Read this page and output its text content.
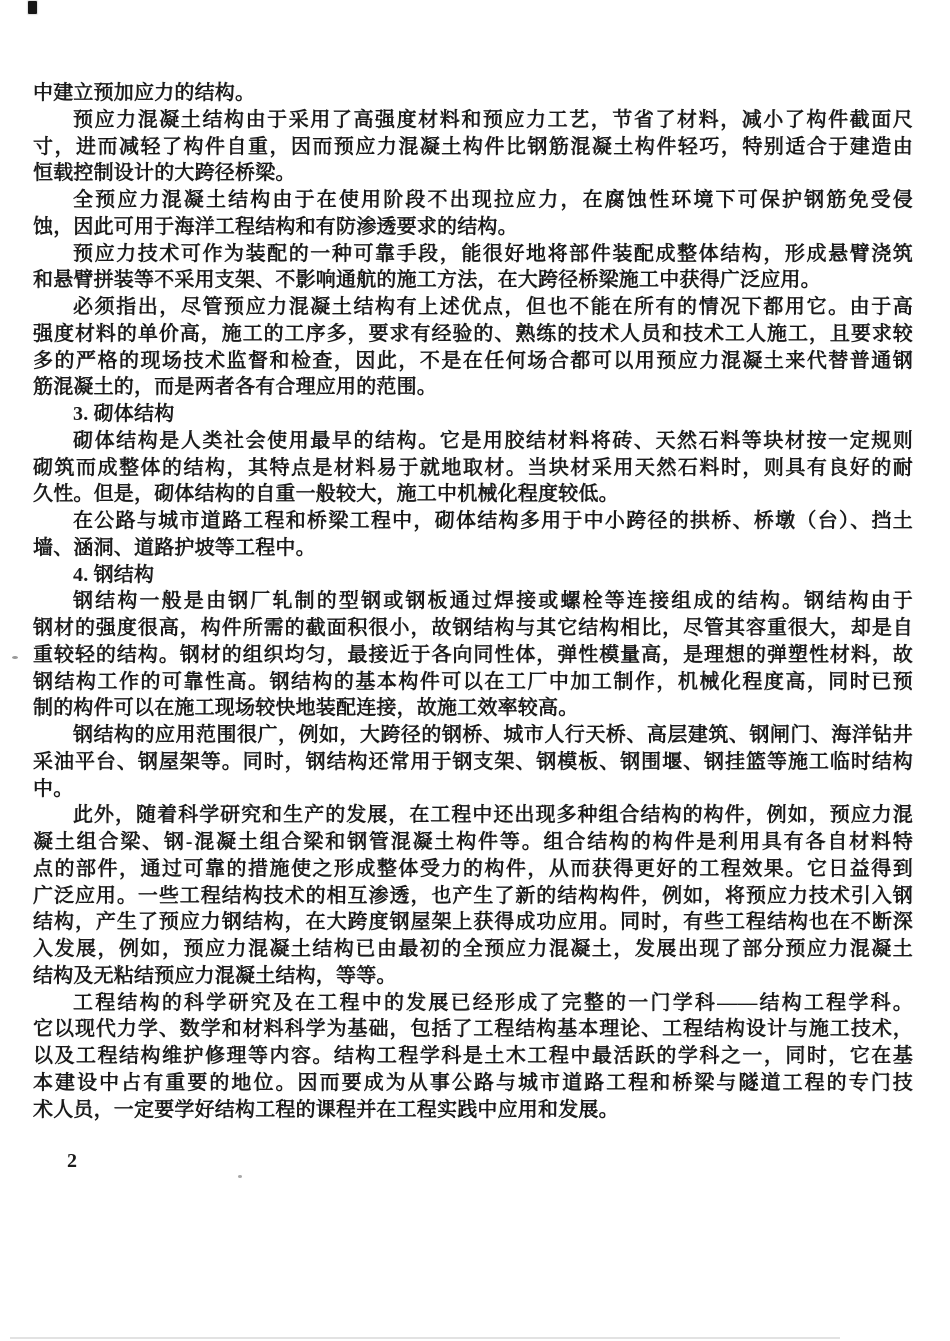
中建立预加应力的结构。
预应力混凝土结构由于采用了高强度材料和预应力工艺，节省了材料，减小了构件截面尺
寸，进而减轻了构件自重，因而预应力混凝土构件比钢筋混凝土构件轻巧，特别适合于建造由
恒载控制设计的大跨径桥梁。
全预应力混凝土结构由于在使用阶段不出现拉应力，在腐蚀性环境下可保护钢筋免受侵
蚀，因此可用于海洋工程结构和有防渗透要求的结构。
预应力技术可作为装配的一种可靠手段，能很好地将部件装配成整体结构，形成悬臂浇筑
和悬臂拼装等不采用支架、不影响通航的施工方法，在大跨径桥梁施工中获得广泛应用。
必须指出，尽管预应力混凝土结构有上述优点，但也不能在所有的情况下都用它。由于高
强度材料的单价高，施工的工序多，要求有经验的、熟练的技术人员和技术工人施工，且要求较
多的严格的现场技术监督和检查，因此，不是在任何场合都可以用预应力混凝土来代替普通钢
筋混凝土的，而是两者各有合理应用的范围。
3. 砌体结构
砌体结构是人类社会使用最早的结构。它是用胶结材料将砖、天然石料等块材按一定规则
砌筑而成整体的结构，其特点是材料易于就地取材。当块材采用天然石料时，则具有良好的耐
久性。但是，砌体结构的自重一般较大，施工中机械化程度较低。
在公路与城市道路工程和桥梁工程中，砌体结构多用于中小跨径的拱桥、桥墩（台）、挡土
墙、涵洞、道路护坡等工程中。
4. 钢结构
钢结构一般是由钢厂轧制的型钢或钢板通过焊接或螺栓等连接组成的结构。钢结构由于
钢材的强度很高，构件所需的截面积很小，故钢结构与其它结构相比，尽管其容重很大，却是自
重较轻的结构。钢材的组织均匀，最接近于各向同性体，弹性模量高，是理想的弹塑性材料，故
钢结构工作的可靠性高。钢结构的基本构件可以在工厂中加工制作，机械化程度高，同时已预
制的构件可以在施工现场较快地装配连接，故施工效率较高。
钢结构的应用范围很广，例如，大跨径的钢桥、城市人行天桥、高层建筑、钢闸门、海洋钻井
采油平台、钢屋架等。同时，钢结构还常用于钢支架、钢模板、钢围堰、钢挂篮等施工临时结构
中。
此外，随着科学研究和生产的发展，在工程中还出现多种组合结构的构件，例如，预应力混
凝土组合梁、钢-混凝土组合梁和钢管混凝土构件等。组合结构的构件是利用具有各自材料特
点的部件，通过可靠的措施使之形成整体受力的构件，从而获得更好的工程效果。它日益得到
广泛应用。一些工程结构技术的相互渗透，也产生了新的结构构件，例如，将预应力技术引入钢
结构，产生了预应力钢结构，在大跨度钢屋架上获得成功应用。同时，有些工程结构也在不断深
入发展，例如，预应力混凝土结构已由最初的全预应力混凝土，发展出现了部分预应力混凝土
结构及无粘结预应力混凝土结构，等等。
工程结构的科学研究及在工程中的发展已经形成了完整的一门学科——结构工程学科。
它以现代力学、数学和材料科学为基础，包括了工程结构基本理论、工程结构设计与施工技术，
以及工程结构维护修理等内容。结构工程学科是土木工程中最活跃的学科之一，同时，它在基
本建设中占有重要的地位。因而要成为从事公路与城市道路工程和桥梁与隧道工程的专门技
术人员，一定要学好结构工程的课程并在工程实践中应用和发展。
2
